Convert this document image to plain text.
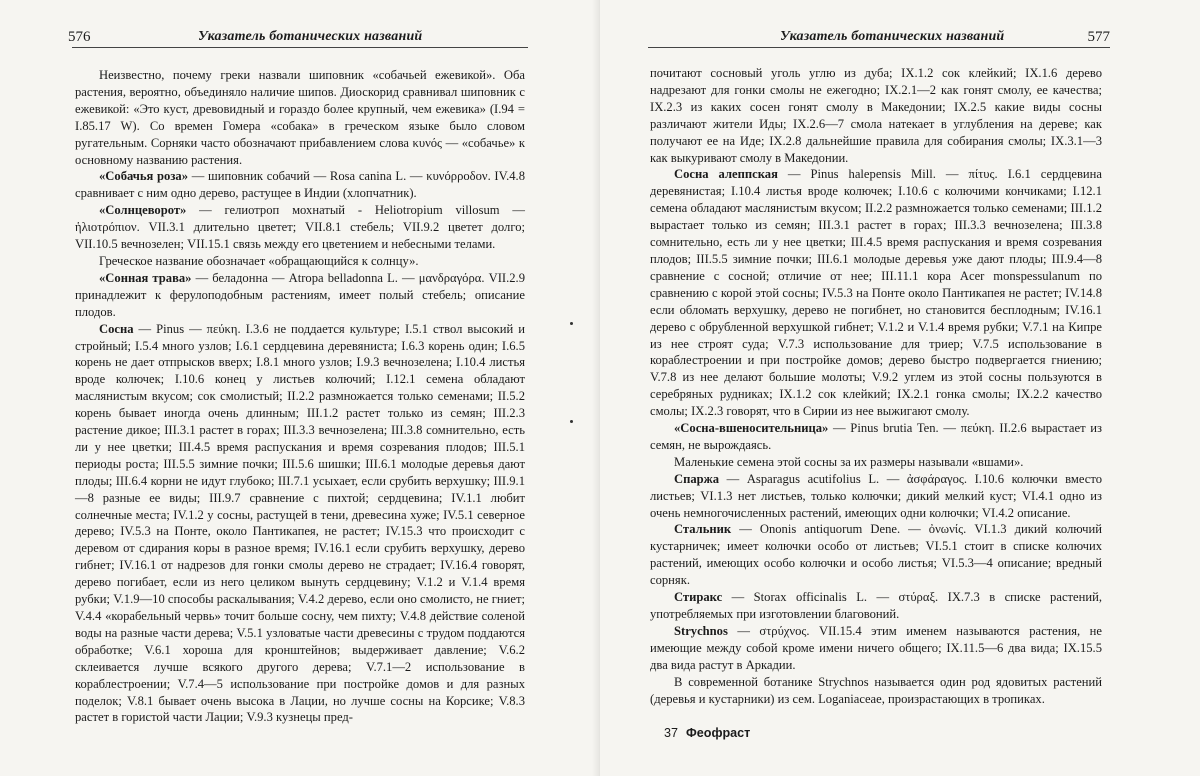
576	Указатель ботанических названий

Неизвестно, почему греки назвали шиповник «собачьей ежевикой». Оба растения, вероятно, объединяло наличие шипов. Диоскорид сравнивал шиповник с ежевикой: «Это куст, древовидный и гораздо более крупный, чем ежевика» (I.94 = I.85.17 W). Со времен Гомера «собака» в греческом языке было словом ругательным. Сорняки часто обозначают прибавлением слова κυνός — «собачье» к основному названию растения.

«Собачья роза» — шиповник собачий — Rosa canina L. — κυνόρροδον. IV.4.8 сравнивает с ним одно дерево, растущее в Индии (хлопчатник).

«Солнцеворот» — гелиотроп мохнатый - Heliotropium villosum — ἡλιοτρόπιον. VII.3.1 длительно цветет; VII.8.1 стебель; VII.9.2 цветет долго; VII.10.5 вечнозелен; VII.15.1 связь между его цветением и небесными телами.

Греческое название обозначает «обращающийся к солнцу».

«Сонная трава» — беладонна — Atropa belladonna L. — μανδραγόρα. VII.2.9 принадлежит к ферулоподобным растениям, имеет полый стебель; описание плодов.

Сосна — Pinus — πεύκη. I.3.6 не поддается культуре; I.5.1 ствол высокий и стройный; I.5.4 много узлов; I.6.1 сердцевина деревяниста; I.6.3 корень один; I.6.5 корень не дает отпрысков вверх; I.8.1 много узлов; I.9.3 вечнозелена; I.10.4 листья вроде колючек; I.10.6 конец у листьев колючий; I.12.1 семена обладают маслянистым вкусом; сок смолистый; II.2.2 размножается только семенами; II.5.2 корень бывает иногда очень длинным; III.1.2 растет только из семян; III.2.3 растение дикое; III.3.1 растет в горах; III.3.3 вечнозелена; III.3.8 сомнительно, есть ли у нее цветки; III.4.5 время распускания и время созревания плодов; III.5.1 периоды роста; III.5.5 зимние почки; III.5.6 шишки; III.6.1 молодые деревья дают плоды; III.6.4 корни не идут глубоко; III.7.1 усыхает, если срубить верхушку; III.9.1—8 разные ее виды; III.9.7 сравнение с пихтой; сердцевина; IV.1.1 любит солнечные места; IV.1.2 у сосны, растущей в тени, древесина хуже; IV.5.1 северное дерево; IV.5.3 на Понте, около Пантикапея, не растет; IV.15.3 что происходит с деревом от сдирания коры в разное время; IV.16.1 если срубить верхушку, дерево гибнет; IV.16.1 от надрезов для гонки смолы дерево не страдает; IV.16.4 говорят, дерево погибает, если из него целиком вынуть сердцевину; V.1.2 и V.1.4 время рубки; V.1.9—10 способы раскалывания; V.4.2 дерево, если оно смолисто, не гниет; V.4.4 «корабельный червь» точит больше сосну, чем пихту; V.4.8 действие соленой воды на разные части дерева; V.5.1 узловатые части древесины с трудом поддаются обработке; V.6.1 хороша для кронштейнов; выдерживает давление; V.6.2 склеивается лучше всякого другого дерева; V.7.1—2 использование в кораблестроении; V.7.4—5 использование при постройке домов и для разных поделок; V.8.1 бывает очень высока в Лации, но лучше сосны на Корсике; V.8.3 растет в гористой части Лации; V.9.3 кузнецы пред-

Указатель ботанических названий	577

почитают сосновый уголь углю из дуба; IX.1.2 сок клейкий; IX.1.6 дерево надрезают для гонки смолы не ежегодно; IX.2.1—2 как гонят смолу, ее качества; IX.2.3 из каких сосен гонят смолу в Македонии; IX.2.5 какие виды сосны различают жители Иды; IX.2.6—7 смола натекает в углубления на дереве; как получают ее на Иде; IX.2.8 дальнейшие правила для собирания смолы; IX.3.1—3 как выкуривают смолу в Македонии.

Сосна алеппская — Pinus halepensis Mill. — πίτυς. I.6.1 сердцевина деревянистая; I.10.4 листья вроде колючек; I.10.6 с колючими кончиками; I.12.1 семена обладают маслянистым вкусом; II.2.2 размножается только семенами; III.1.2 вырастает только из семян; III.3.1 растет в горах; III.3.3 вечнозелена; III.3.8 сомнительно, есть ли у нее цветки; III.4.5 время распускания и время созревания плодов; III.5.5 зимние почки; III.6.1 молодые деревья уже дают плоды; III.9.4—8 сравнение с сосной; отличие от нее; III.11.1 кора Acer monspessulanum по сравнению с корой этой сосны; IV.5.3 на Понте около Пантикапея не растет; IV.14.8 если обломать верхушку, дерево не погибнет, но становится бесплодным; IV.16.1 дерево с обрубленной верхушкой гибнет; V.1.2 и V.1.4 время рубки; V.7.1 на Кипре из нее строят суда; V.7.3 использование для триер; V.7.5 использование в кораблестроении и при постройке домов; дерево быстро подвергается гниению; V.7.8 из нее делают большие молоты; V.9.2 углем из этой сосны пользуются в серебряных рудниках; IX.1.2 сок клейкий; IX.2.1 гонка смолы; IX.2.2 качество смолы; IX.2.3 говорят, что в Сирии из нее выжигают смолу.

«Сосна-вшеносительница» — Pinus brutia Ten. — πεύκη. II.2.6 вырастает из семян, не вырождаясь.

Маленькие семена этой сосны за их размеры называли «вшами».

Спаржа — Asparagus acutifolius L. — ἀσφάραγος. I.10.6 колючки вместо листьев; VI.1.3 нет листьев, только колючки; дикий мелкий куст; VI.4.1 одно из очень немногочисленных растений, имеющих одни колючки; VI.4.2 описание.

Стальник — Ononis antiquorum Dene. — ὀνωνίς. VI.1.3 дикий колючий кустарничек; имеет колючки особо от листьев; VI.5.1 стоит в списке колючих растений, имеющих особо колючки и особо листья; VI.5.3—4 описание; вредный сорняк.

Стиракс — Storax officinalis L. — στύραξ. IX.7.3 в списке растений, употребляемых при изготовлении благовоний.

Strychnos — στρύχνος. VII.15.4 этим именем называются растения, не имеющие между собой кроме имени ничего общего; IX.11.5—6 два вида; IX.15.5 два вида растут в Аркадии.

В современной ботанике Strychnos называется один род ядовитых растений (деревья и кустарники) из сем. Loganiaceae, произрастающих в тропиках.

37 Феофраст
